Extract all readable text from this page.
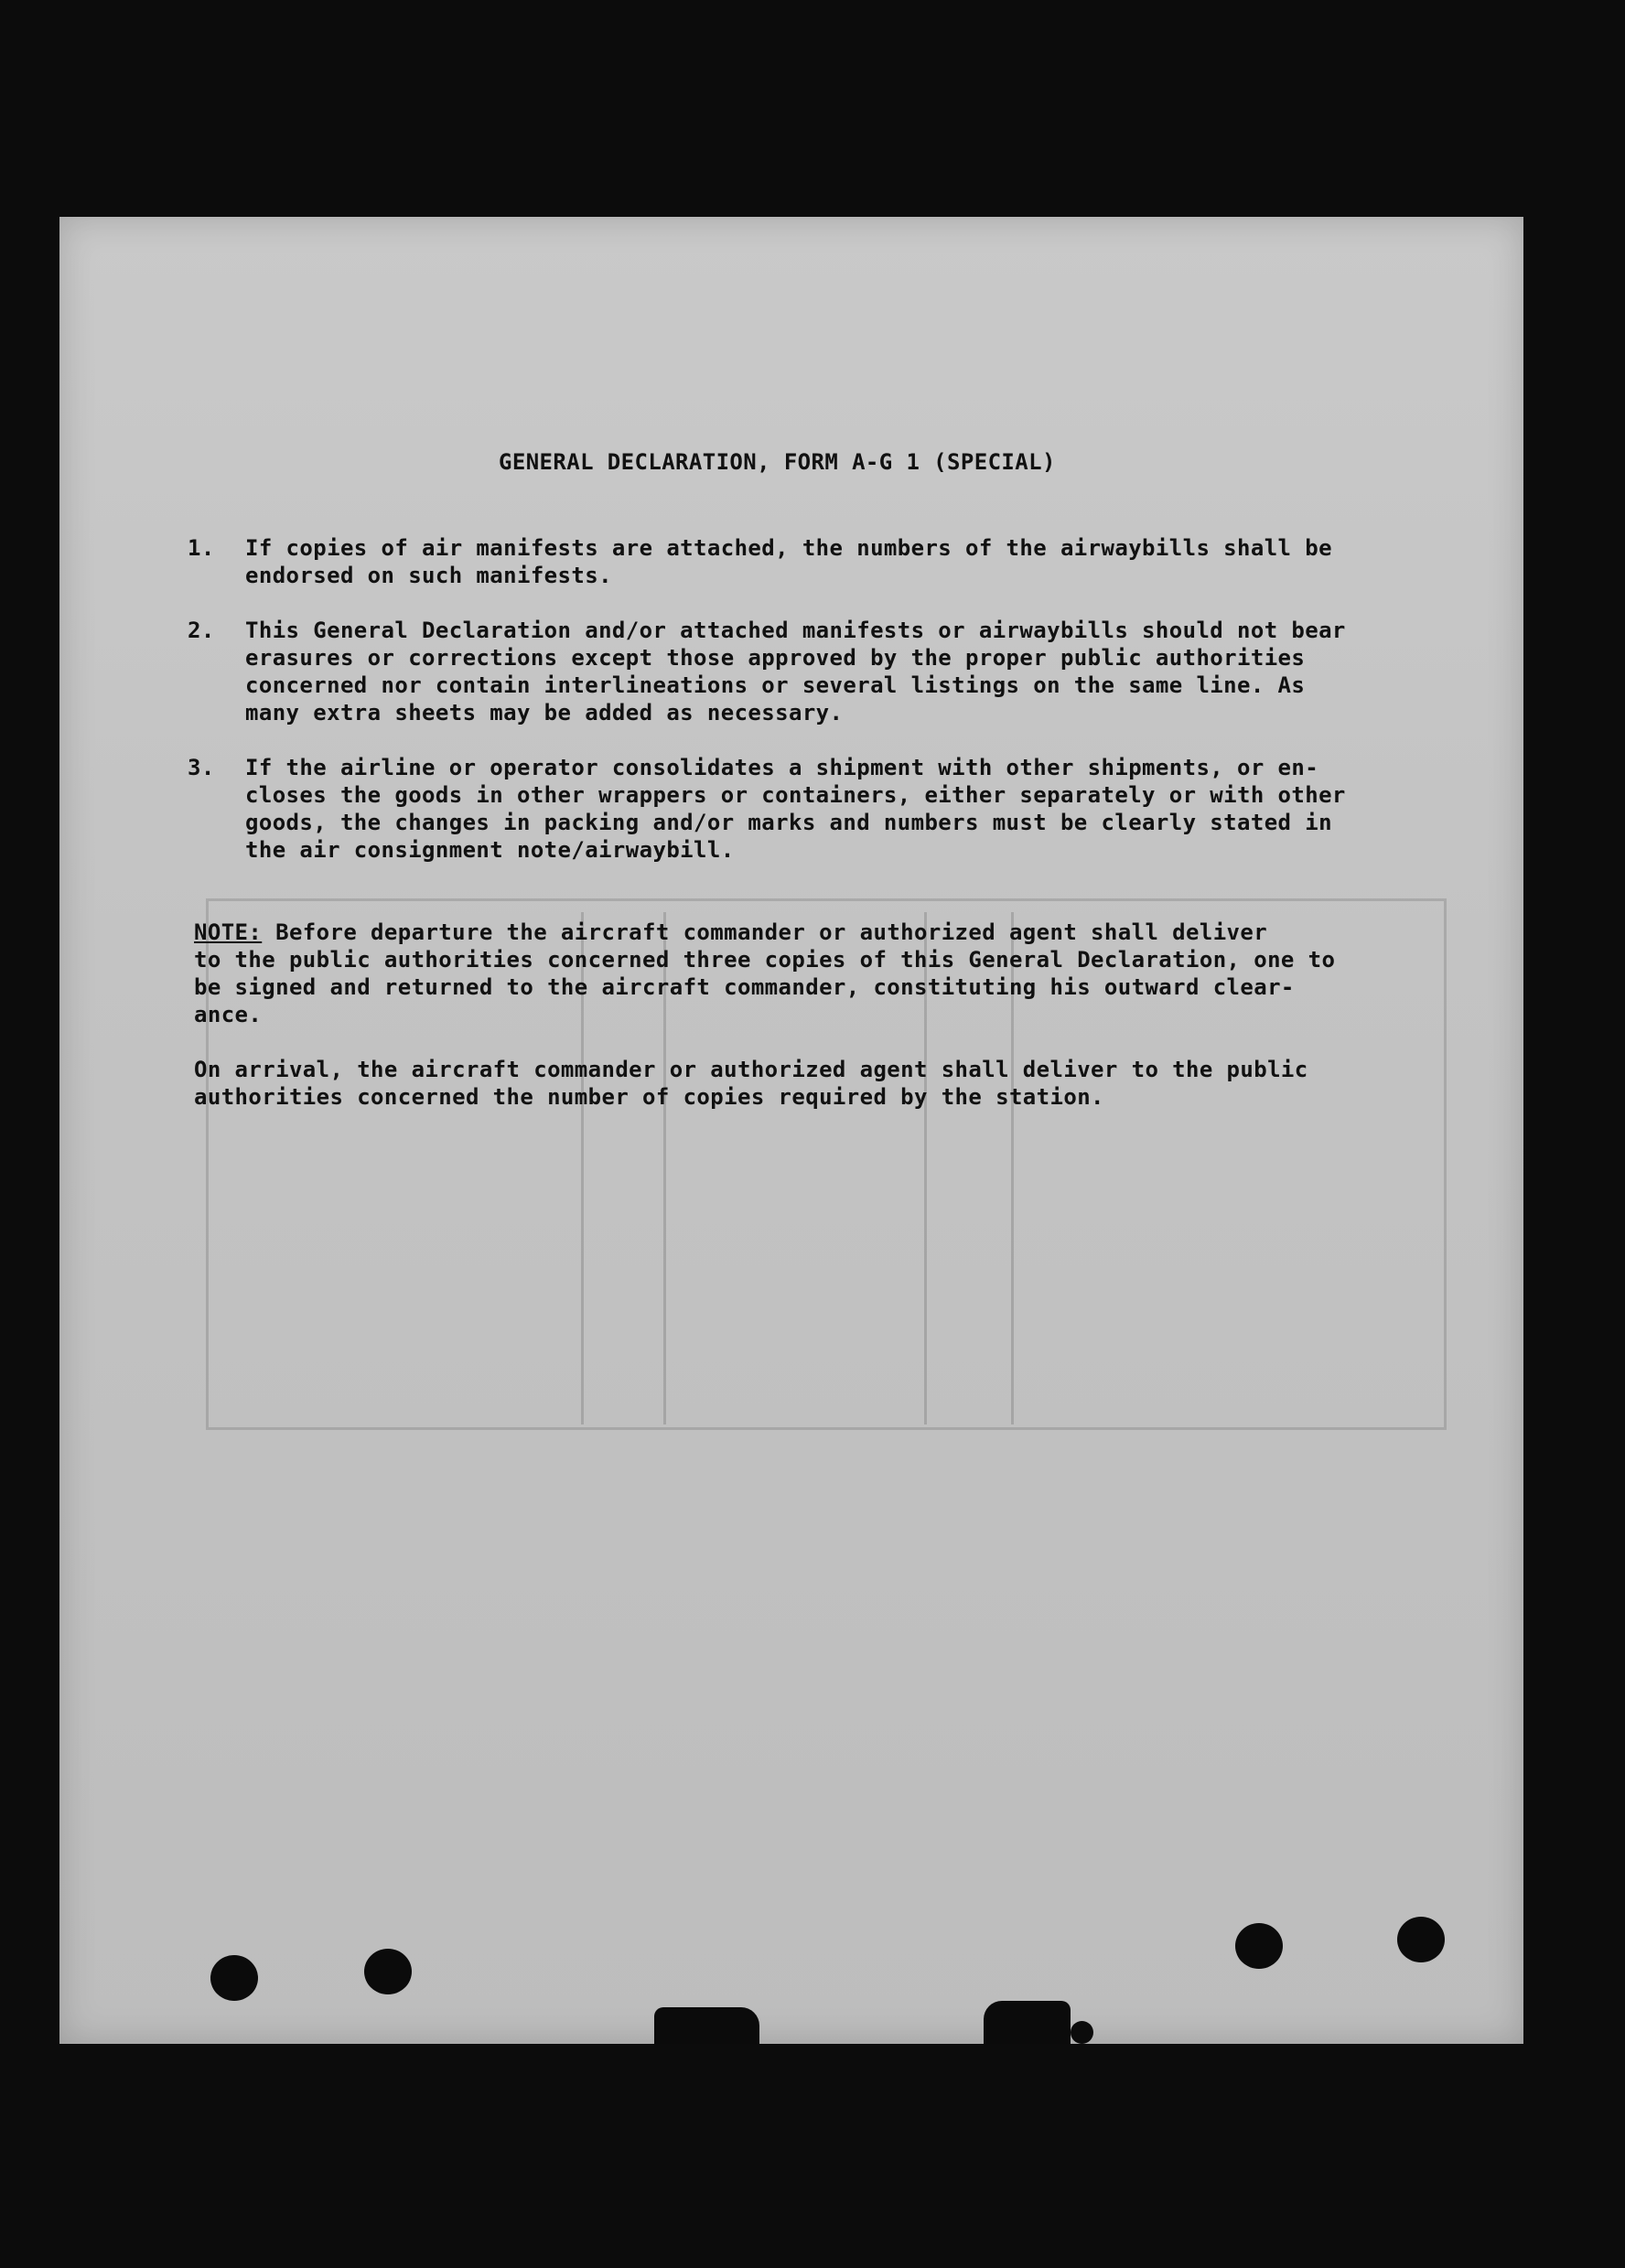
GENERAL DECLARATION, FORM A-G 1 (SPECIAL)
1. If copies of air manifests are attached, the numbers of the airwaybills shall be
endorsed on such manifests.
2. This General Declaration and/or attached manifests or airwaybills should not bear
erasures or corrections except those approved by the proper public authorities
concerned nor contain interlineations or several listings on the same line. As
many extra sheets may be added as necessary.
3. If the airline or operator consolidates a shipment with other shipments, or en-
closes the goods in other wrappers or containers, either separately or with other
goods, the changes in packing and/or marks and numbers must be clearly stated in
the air consignment note/airwaybill.
NOTE: Before departure the aircraft commander or authorized agent shall deliver
to the public authorities concerned three copies of this General Declaration, one to
be signed and returned to the aircraft commander, constituting his outward clear-
ance.
On arrival, the aircraft commander or authorized agent shall deliver to the public
authorities concerned the number of copies required by the station.
